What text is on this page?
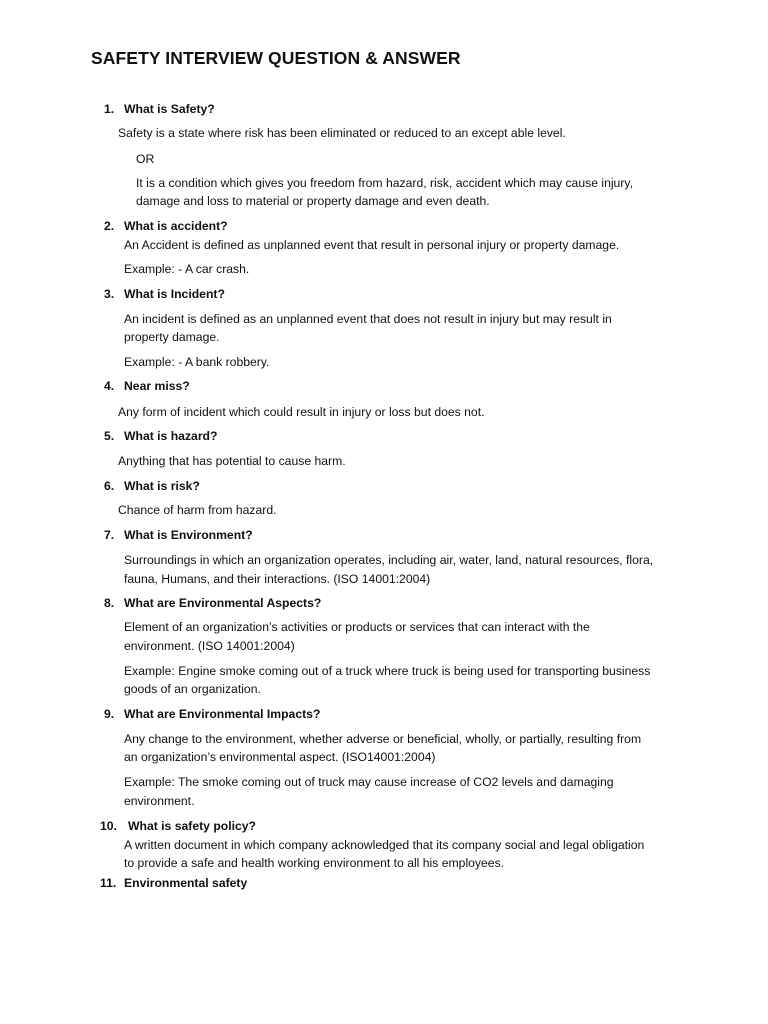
SAFETY INTERVIEW QUESTION & ANSWER
1. What is Safety?
Safety is a state where risk has been eliminated or reduced to an except able level.
OR
It is a condition which gives you freedom from hazard, risk, accident which may cause injury,
damage and loss to material or property damage and even death.
2. What is accident?
An Accident is defined as unplanned event that result in personal injury or property damage.
Example: - A car crash.
3. What is Incident?
An incident is defined as an unplanned event that does not result in injury but may result in
property damage.
Example: - A bank robbery.
4. Near miss?
Any form of incident which could result in injury or loss but does not.
5. What is hazard?
Anything that has potential to cause harm.
6. What is risk?
Chance of harm from hazard.
7. What is Environment?
Surroundings in which an organization operates, including air, water, land, natural resources, flora,
fauna, Humans, and their interactions. (ISO 14001:2004)
8. What are Environmental Aspects?
Element of an organization’s activities or products or services that can interact with the
environment. (ISO 14001:2004)
Example: Engine smoke coming out of a truck where truck is being used for transporting business
goods of an organization.
9. What are Environmental Impacts?
Any change to the environment, whether adverse or beneficial, wholly, or partially, resulting from
an organization’s environmental aspect. (ISO14001:2004)
Example: The smoke coming out of truck may cause increase of CO2 levels and damaging
environment.
10. What is safety policy?
A written document in which company acknowledged that its company social and legal obligation
to provide a safe and health working environment to all his employees.
11. Environmental safety
